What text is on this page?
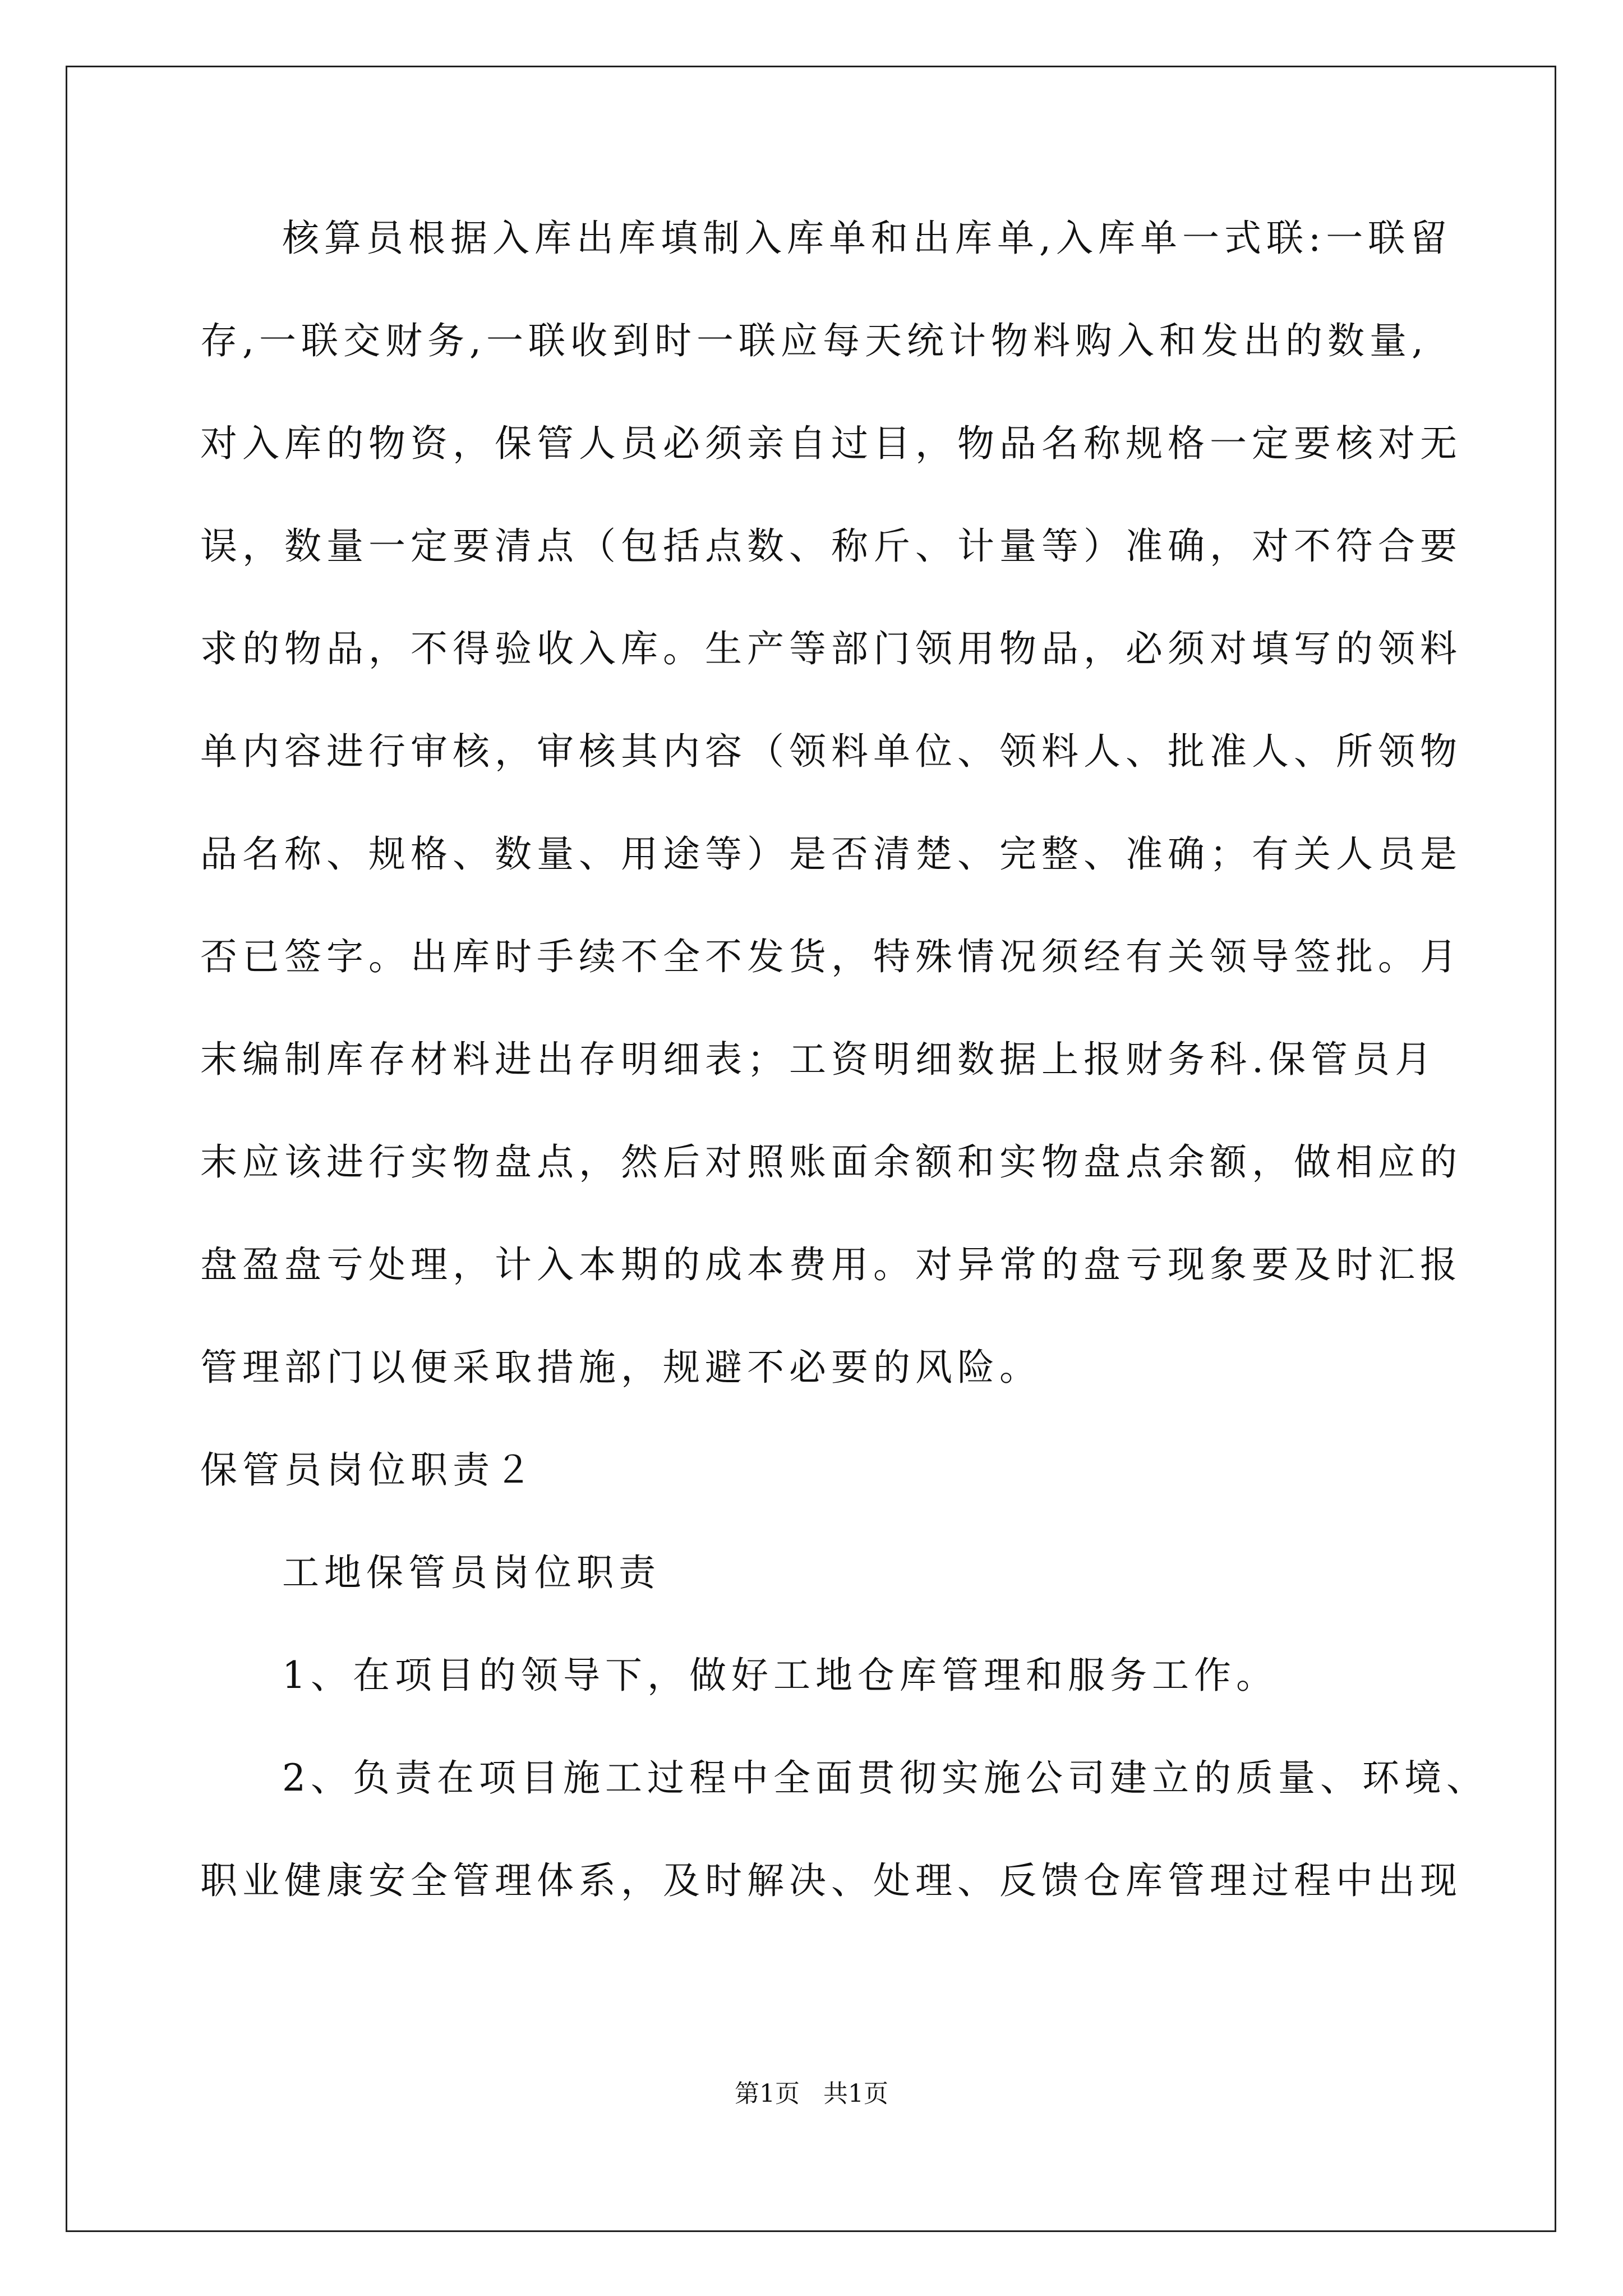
核算员根据入库出库填制入库单和出库单,入库单一式联:一联留
存,一联交财务,一联收到时一联应每天统计物料购入和发出的数量,
对入库的物资，保管人员必须亲自过目，物品名称规格一定要核对无
误，数量一定要清点（包括点数、称斤、计量等）准确，对不符合要
求的物品，不得验收入库。生产等部门领用物品，必须对填写的领料
单内容进行审核，审核其内容（领料单位、领料人、批准人、所领物
品名称、规格、数量、用途等）是否清楚、完整、准确；有关人员是
否已签字。出库时手续不全不发货，特殊情况须经有关领导签批。月
末编制库存材料进出存明细表；工资明细数据上报财务科.保管员月
末应该进行实物盘点，然后对照账面余额和实物盘点余额，做相应的
盘盈盘亏处理，计入本期的成本费用。对异常的盘亏现象要及时汇报
管理部门以便采取措施，规避不必要的风险。
保管员岗位职责２
工地保管员岗位职责
1、在项目的领导下，做好工地仓库管理和服务工作。
2、负责在项目施工过程中全面贯彻实施公司建立的质量、环境、
职业健康安全管理体系，及时解决、处理、反馈仓库管理过程中出现
第1页   共1页
